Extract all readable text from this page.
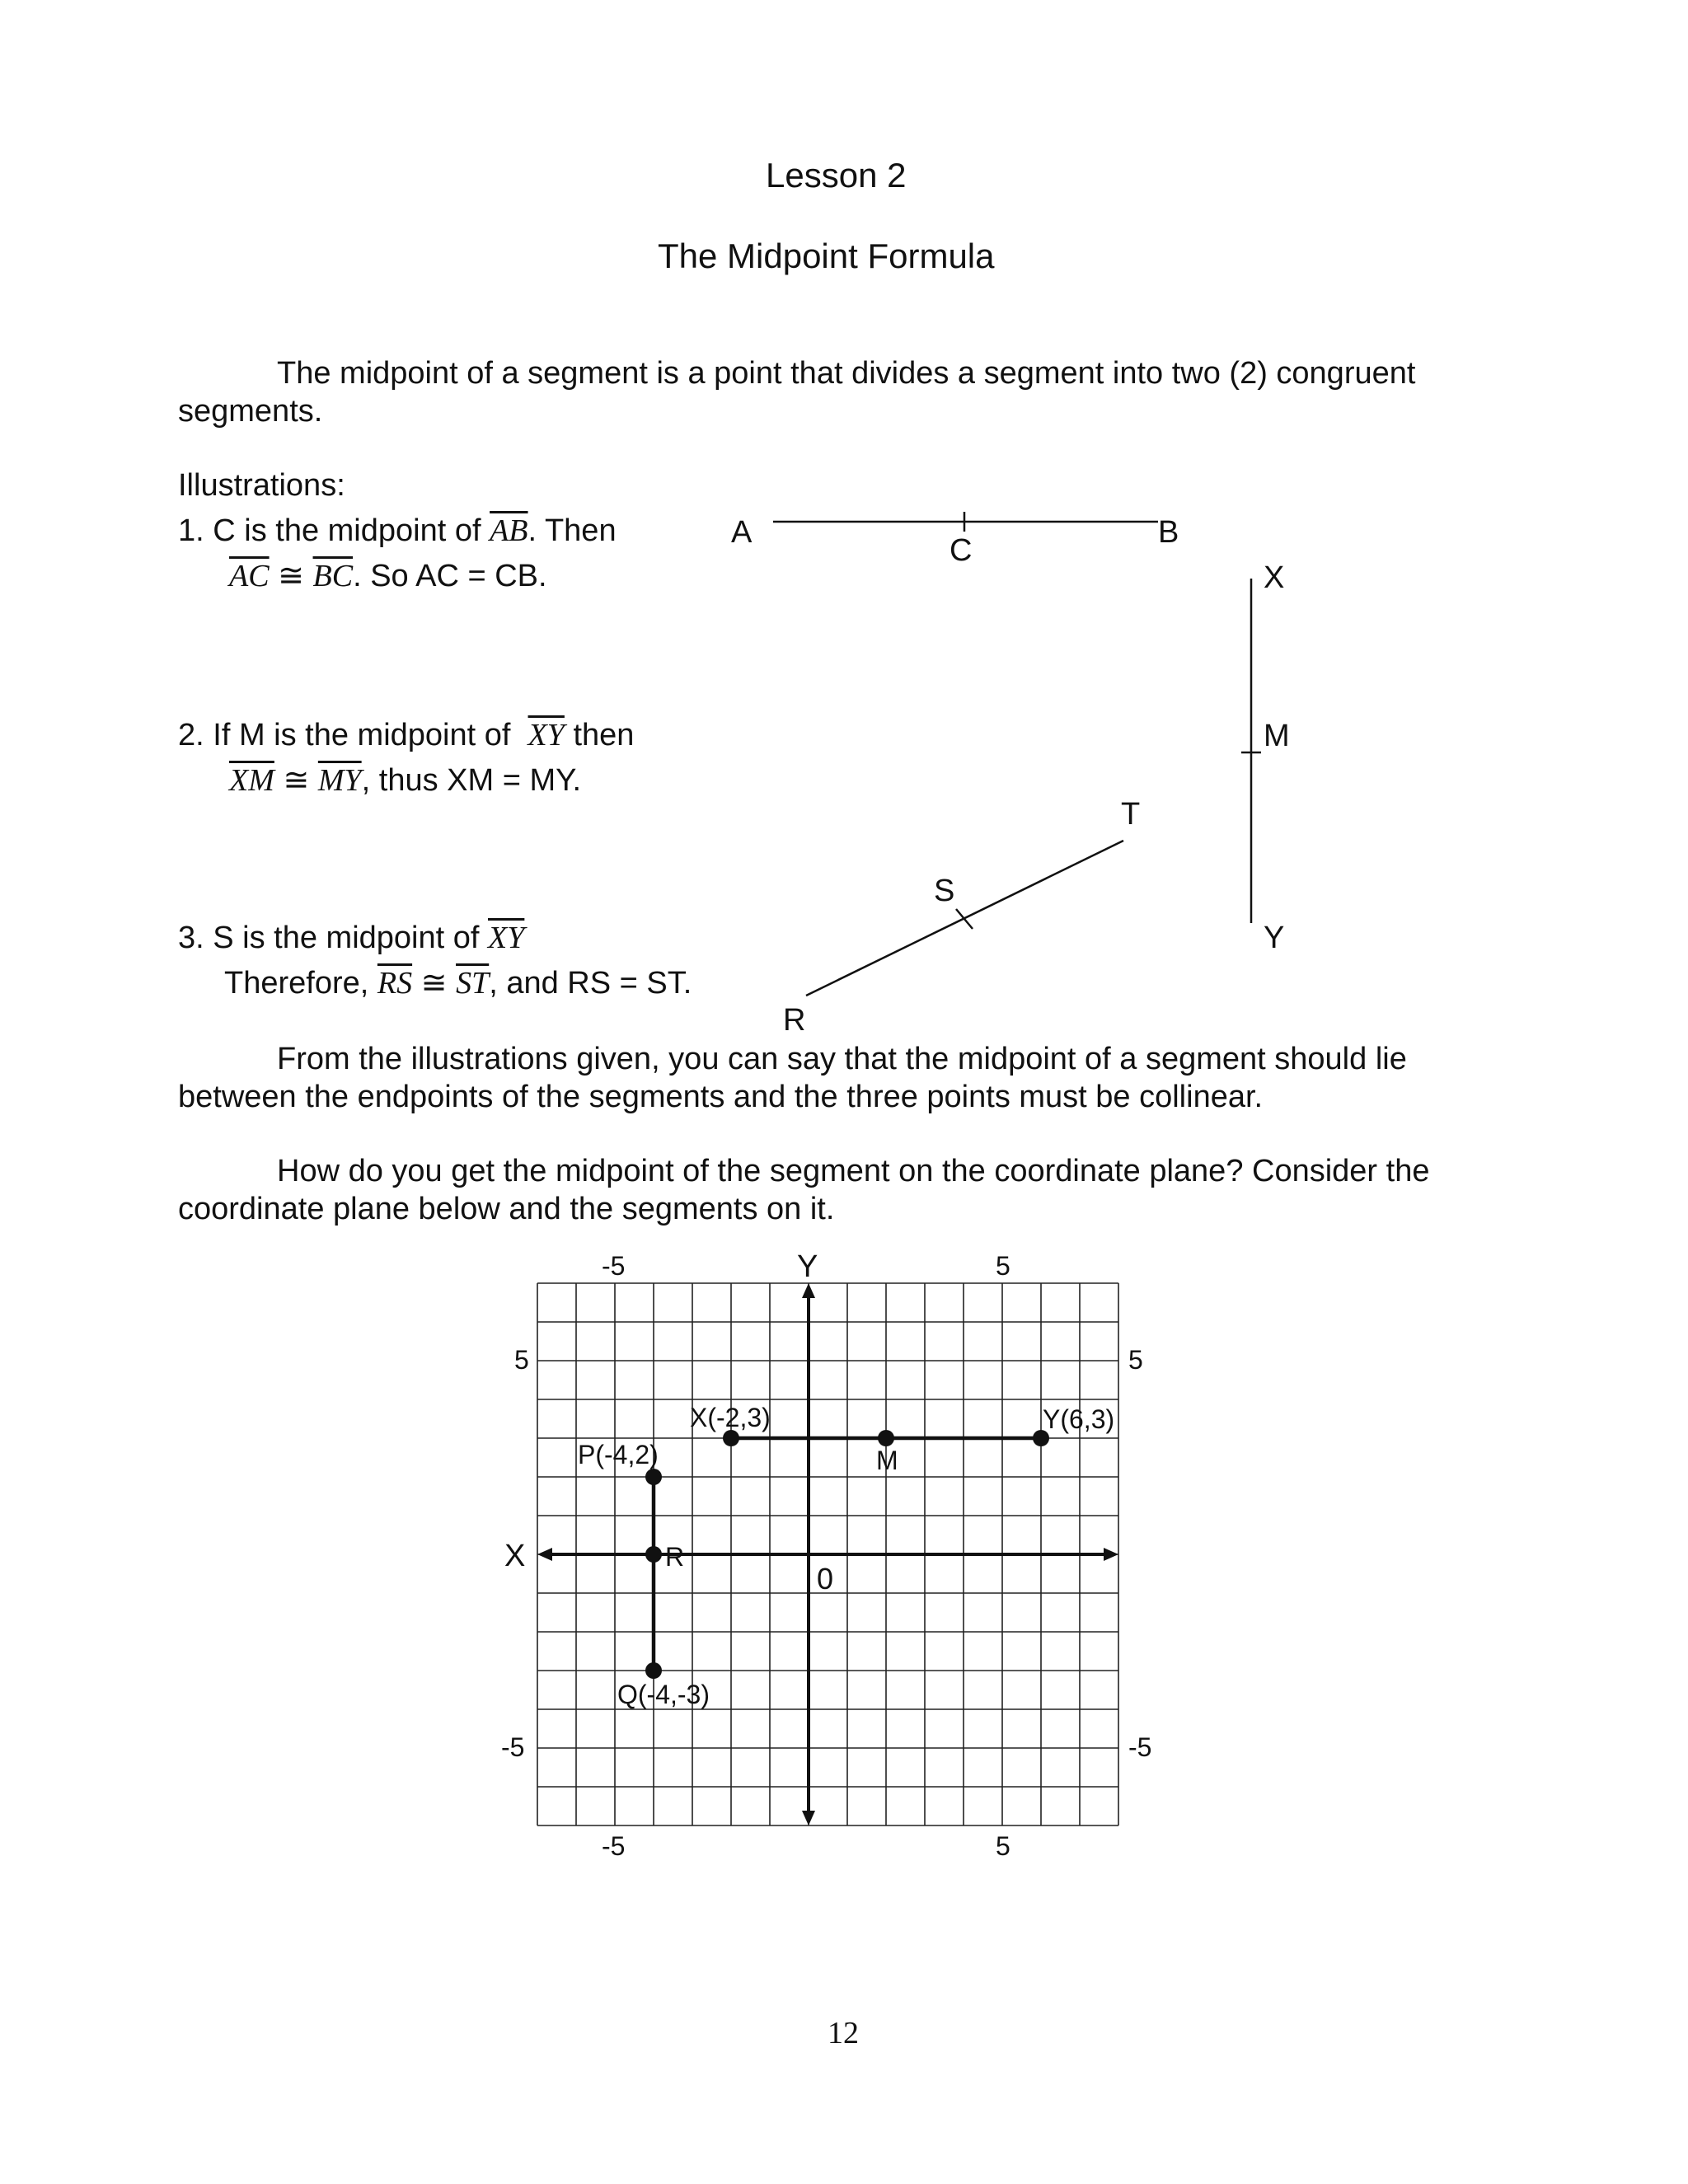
Lesson 2
The Midpoint Formula
The midpoint of a segment is a point that divides a segment into two (2) congruent
segments.
Illustrations:
1. C is the midpoint of $\overline{AB}$. Then
$\overline{AC}$ ≅ $\overline{BC}$. So AC = CB.
2. If M is the midpoint of $\overline{XY}$ then
$\overline{XM}$ ≅ $\overline{MY}$, thus XM = MY.
3. S is the midpoint of $\overline{XY}$
Therefore, $\overline{RS}$ ≅ $\overline{ST}$, and RS = ST.
A
C
B
X
M
Y
R
S
T
From the illustrations given, you can say that the midpoint of a segment should lie
between the endpoints of the segments and the three points must be collinear.
How do you get the midpoint of the segment on the coordinate plane? Consider the
coordinate plane below and the segments on it.
X
Y
0
-5	5
-5	5
5
-5
5
-5
X(-2,3)	Y(6,3)
M
P(-4,2)
Q(-4,-3)
R
12
